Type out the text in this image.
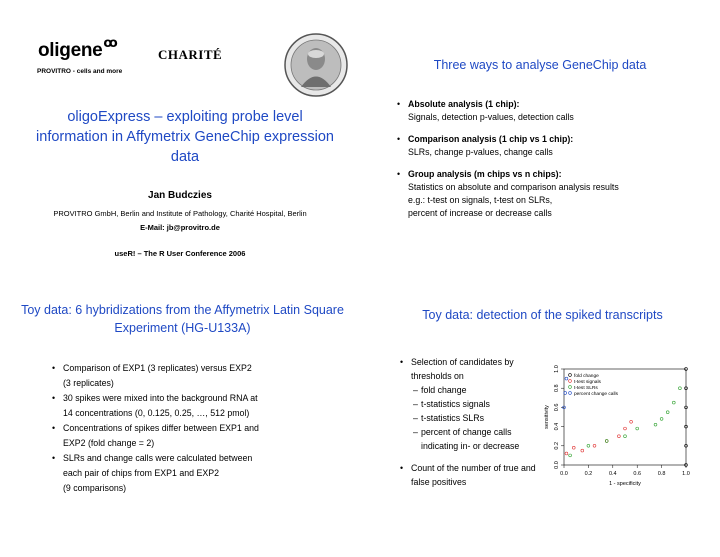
oligene$^ꝏ$
PROVITRO - cells and more
CHARITÉ
oligoExpress – exploiting probe level information in Affymetrix GeneChip expression data
Jan Budczies
PROVITRO GmbH, Berlin and Institute of Pathology, Charité Hospital, Berlin
E-Mail: jb@provitro.de
useR! – The R User Conference 2006
Three ways to analyse GeneChip data
• Absolute analysis (1 chip):
Signals, detection p-values, detection calls
• Comparison analysis (1 chip vs 1 chip):
SLRs, change p-values, change calls
• Group analysis (m chips vs n chips):
Statistics on absolute and comparison analysis results
e.g.: t-test on signals, t-test on SLRs,
percent of increase or decrease calls
Toy data: 6 hybridizations from the Affymetrix Latin Square Experiment (HG-U133A)
• Comparison of EXP1 (3 replicates) versus EXP2
(3 replicates)
• 30 spikes were mixed into the background RNA at
14 concentrations (0, 0.125, 0.25, …, 512 pmol)
• Concentrations of spikes differ between EXP1 and
EXP2 (fold change = 2)
• SLRs and change calls were calculated between
each pair of chips from EXP1 and EXP2
(9 comparisons)
Toy data: detection of the spiked transcripts
• Selection of candidates by thresholds on
– fold change
– t-statistics signals
– t-statistics SLRs
– percent of change calls indicating in- or decrease
• Count of the number of true and false positives
0.0	0.2	0.4	0.6	0.8	1.0
0.0
0.2
0.4
0.6
0.8
1.0
1 - specificity
sensitivity
fold change
t-test signals
t-test SLRs
percent change calls
